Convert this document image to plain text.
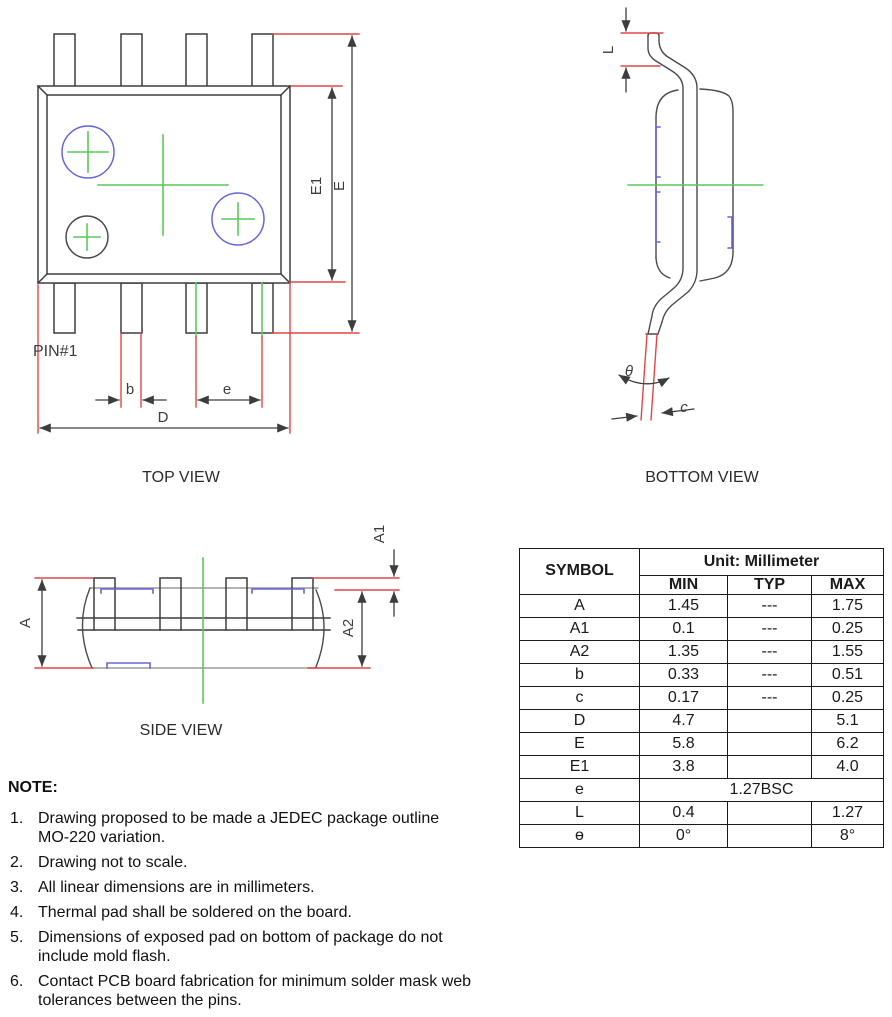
PIN#1
E1 E
b	e
D
L
θ
c
A
A1
A2
TOP VIEW	BOTTOM VIEW
SIDE VIEW
SYMBOL	Unit: Millimeter		
	MIN	TYP	MAX
A	1.45	---	1.75
A1	0.1	---	0.25
A2	1.35	---	1.55
b	0.33	---	0.51
c	0.17	---	0.25
D	4.7		5.1
E	5.8		6.2
E1	3.8		4.0
e	1.27BSC		
L	0.4		1.27
ɵ	0°		8°
NOTE:
1. Drawing proposed to be made a JEDEC package outline MO-220 variation.
2. Drawing not to scale.
3. All linear dimensions are in millimeters.
4. Thermal pad shall be soldered on the board.
5. Dimensions of exposed pad on bottom of package do not include mold flash.
6. Contact PCB board fabrication for minimum solder mask web tolerances between the pins.
